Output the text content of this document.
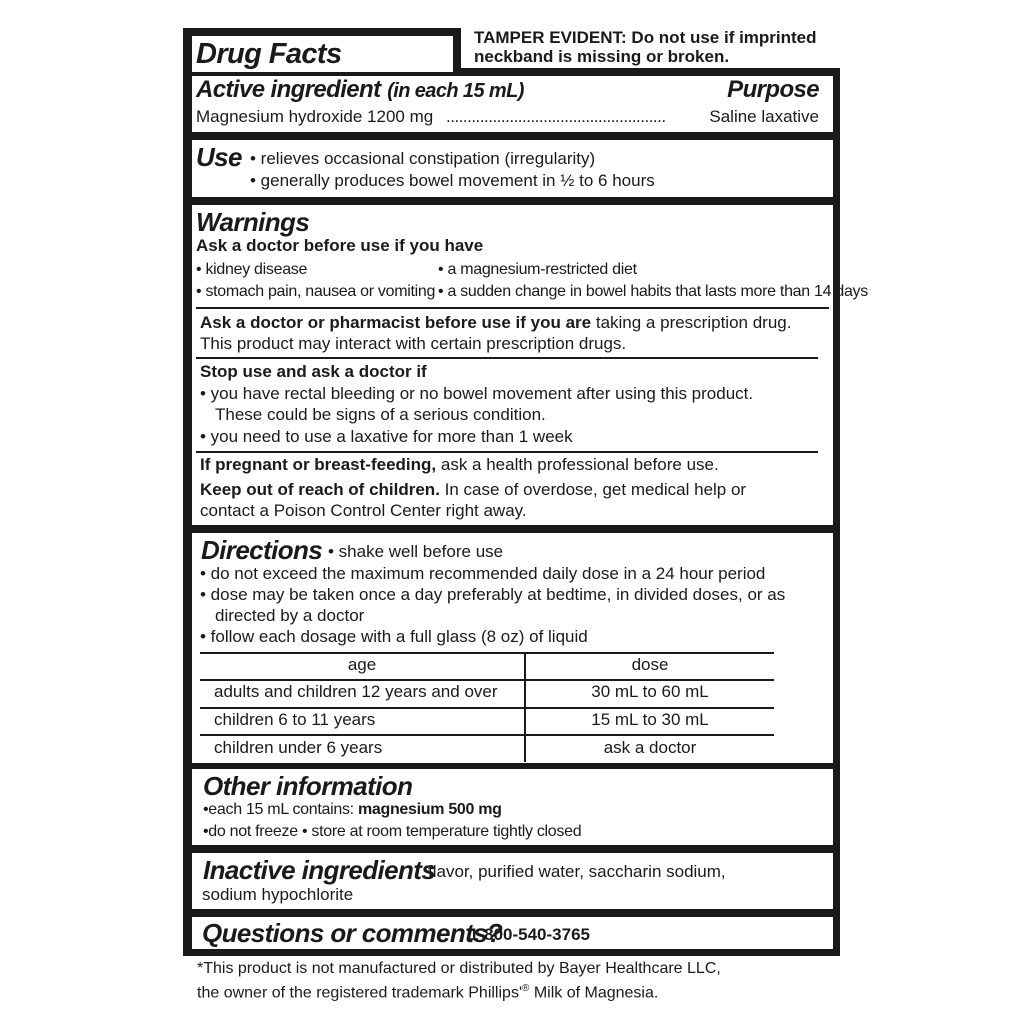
TAMPER EVIDENT: Do not use if imprinted
neckband is missing or broken.
Drug Facts
Active ingredient (in each 15 mL)	Purpose
Magnesium hydroxide 1200 mg ....................................................	Saline laxative
Use • relieves occasional constipation (irregularity)
• generally produces bowel movement in ½ to 6 hours
Warnings
Ask a doctor before use if you have
• kidney disease	• a magnesium-restricted diet
• stomach pain, nausea or vomiting • a sudden change in bowel habits that lasts more than 14 days
Ask a doctor or pharmacist before use if you are taking a prescription drug.
This product may interact with certain prescription drugs.
Stop use and ask a doctor if
• you have rectal bleeding or no bowel movement after using this product.
These could be signs of a serious condition.
• you need to use a laxative for more than 1 week
If pregnant or breast-feeding, ask a health professional before use.
Keep out of reach of children. In case of overdose, get medical help or
contact a Poison Control Center right away.
Directions • shake well before use
• do not exceed the maximum recommended daily dose in a 24 hour period
• dose may be taken once a day preferably at bedtime, in divided doses, or as
directed by a doctor
• follow each dosage with a full glass (8 oz) of liquid
age	dose
adults and children 12 years and over	30 mL to 60 mL
children 6 to 11 years	15 mL to 30 mL
children under 6 years	ask a doctor
Other information
•each 15 mL contains: magnesium 500 mg
•do not freeze • store at room temperature tightly closed
Inactive ingredients
flavor, purified water, saccharin sodium,
sodium hypochlorite
Questions or comments?
1-800-540-3765
*This product is not manufactured or distributed by Bayer Healthcare LLC,
the owner of the registered trademark Phillips'® Milk of Magnesia.
